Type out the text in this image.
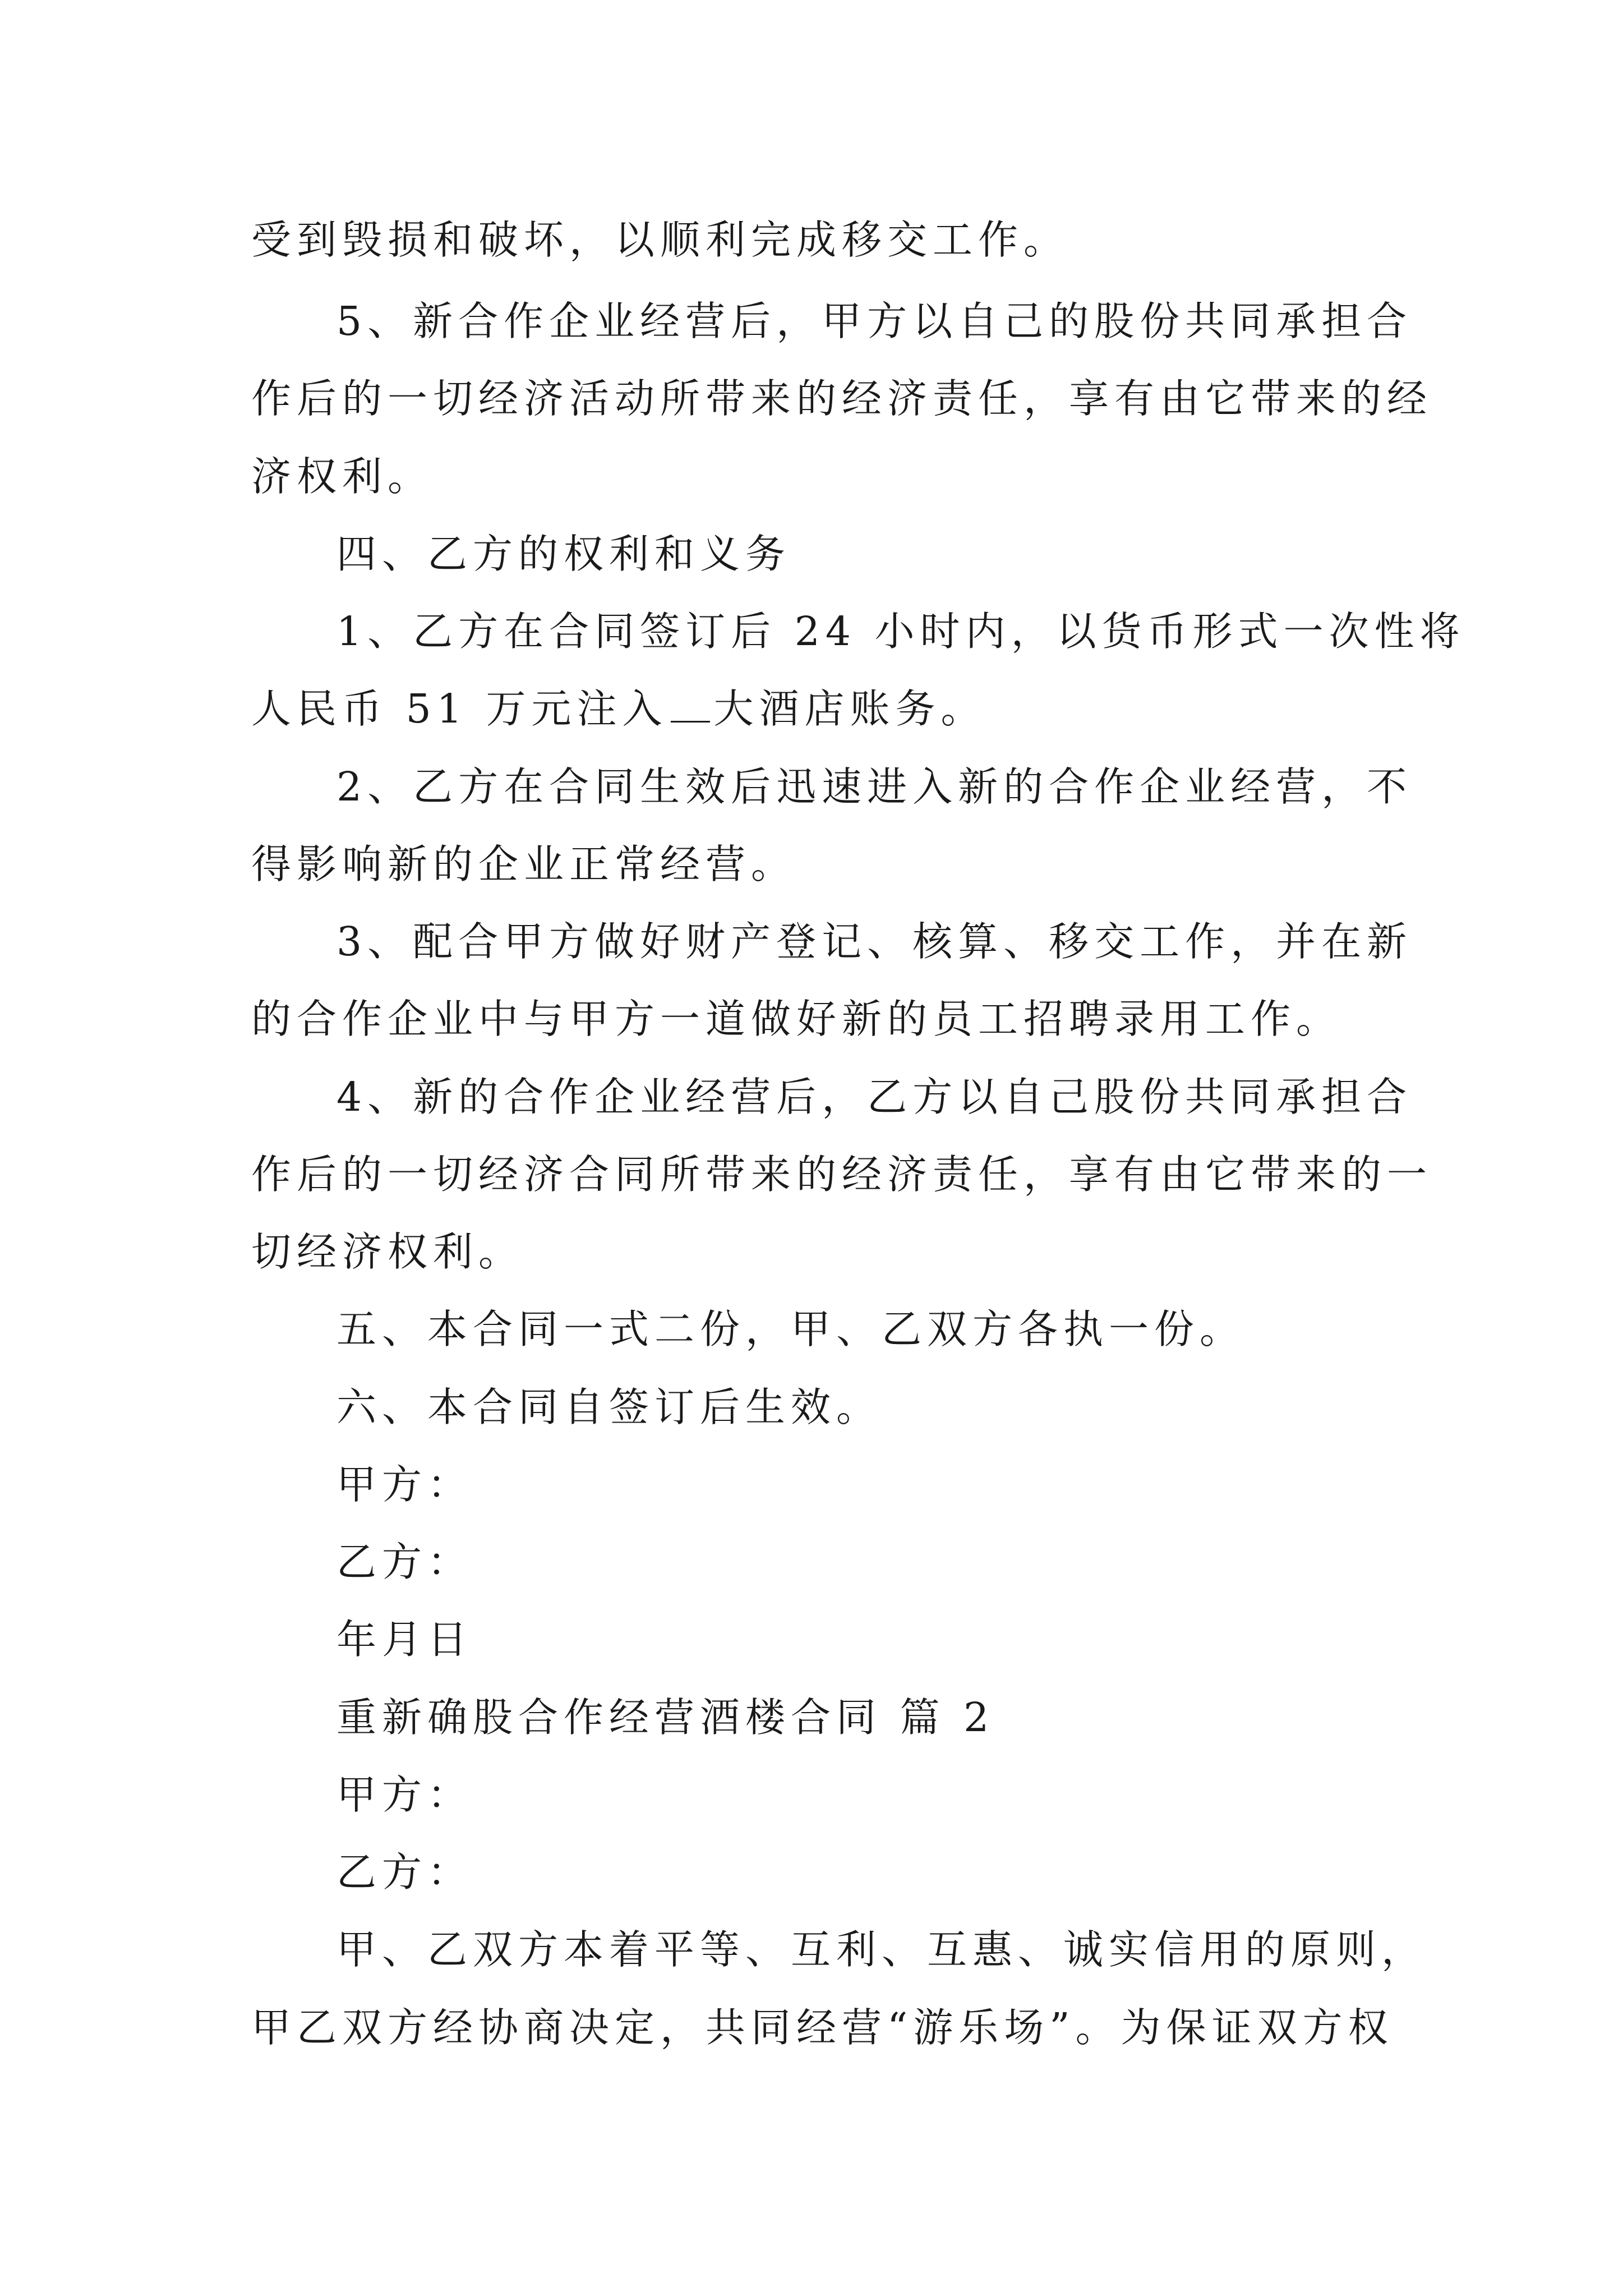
受到毁损和破坏，以顺利完成移交工作。
5、新合作企业经营后，甲方以自己的股份共同承担合
作后的一切经济活动所带来的经济责任，享有由它带来的经
济权利。
四、乙方的权利和义务
1、乙方在合同签订后 24 小时内，以货币形式一次性将
人民币 51 万元注入 大酒店账务。
2、乙方在合同生效后迅速进入新的合作企业经营，不
得影响新的企业正常经营。
3、配合甲方做好财产登记、核算、移交工作，并在新
的合作企业中与甲方一道做好新的员工招聘录用工作。
4、新的合作企业经营后，乙方以自己股份共同承担合
作后的一切经济合同所带来的经济责任，享有由它带来的一
切经济权利。
五、本合同一式二份，甲、乙双方各执一份。
六、本合同自签订后生效。
甲方：
乙方：
年月日
重新确股合作经营酒楼合同 篇 2
甲方：
乙方：
甲、乙双方本着平等、互利、互惠、诚实信用的原则，
甲乙双方经协商决定，共同经营“游乐场”。为保证双方权
